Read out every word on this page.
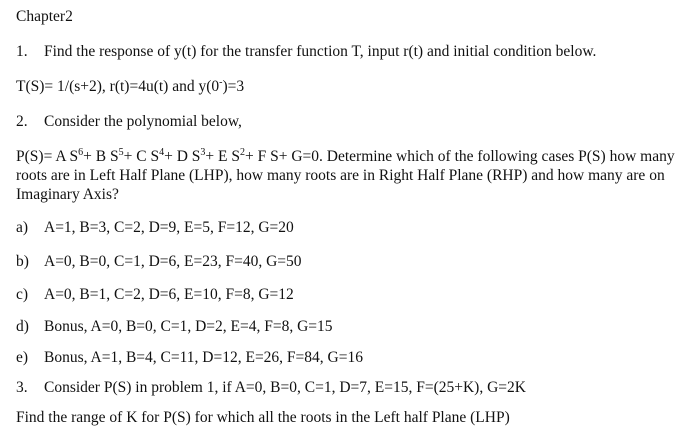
Chapter2
1. Find the response of y(t) for the transfer function T, input r(t) and initial condition below.
T(S)= 1/(s+2), r(t)=4u(t) and y(0-)=3
2. Consider the polynomial below,
P(S)= A $S^6+ B$ $S^5+ C$ $S^4+ D$ $S^3+ E$ $S^2+ F$ S+ G=0. Determine which of the following cases P(S) how many roots are in Left Half Plane (LHP), how many roots are in Right Half Plane (RHP) and how many are on Imaginary Axis?
a) A=1, B=3, C=2, D=9, E=5, F=12, G=20
b) A=0, B=0, C=1, D=6, E=23, F=40, G=50
c) A=0, B=1, C=2, D=6, E=10, F=8, G=12
d) Bonus, A=0, B=0, C=1, D=2, E=4, F=8, G=15
e) Bonus, A=1, B=4, C=11, D=12, E=26, F=84, G=16
3. Consider P(S) in problem 1, if A=0, B=0, C=1, D=7, E=15, F=(25+K), G=2K
Find the range of K for P(S) for which all the roots in the Left half Plane (LHP)
